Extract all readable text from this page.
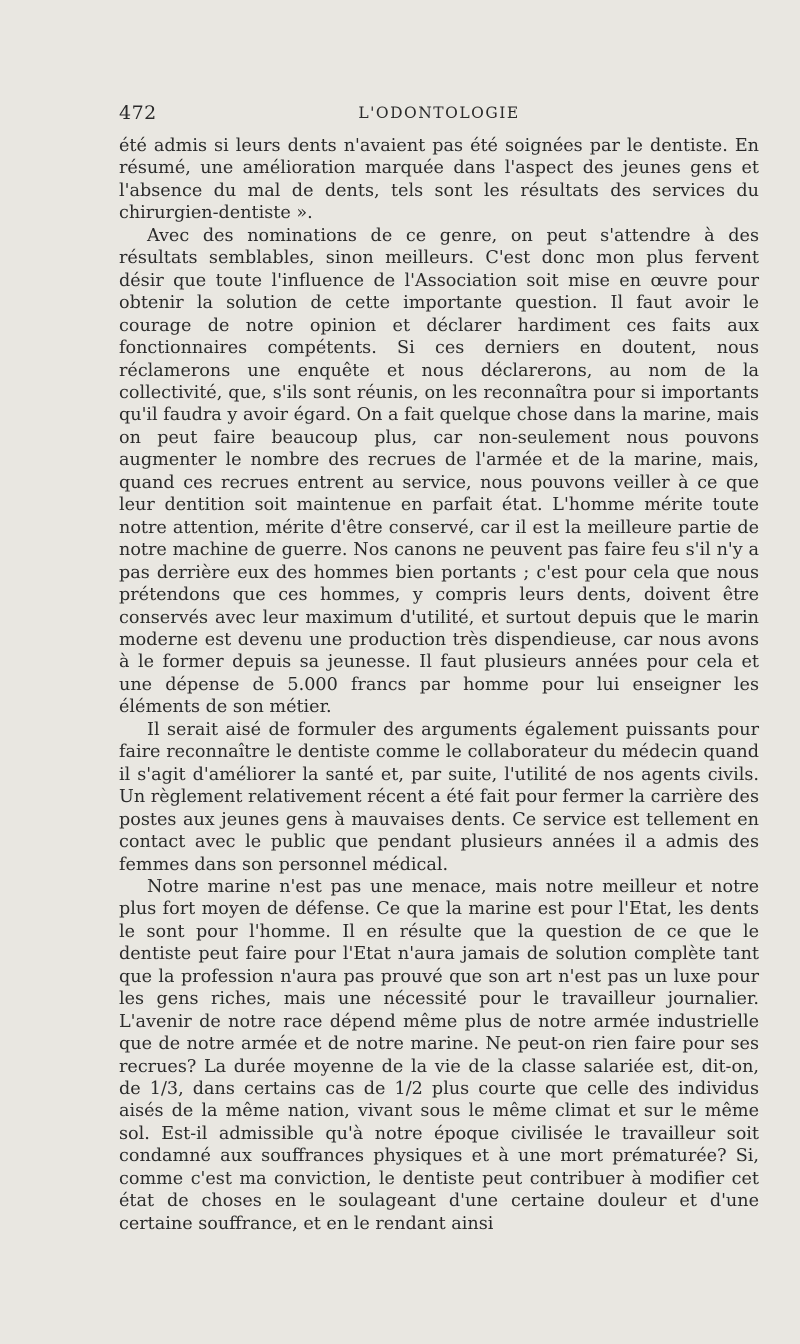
472	L'ODONTOLOGIE

été admis si leurs dents n'avaient pas été soignées par le dentiste. En résumé, une amélioration marquée dans l'aspect des jeunes gens et l'absence du mal de dents, tels sont les résultats des services du chirurgien-dentiste ».

Avec des nominations de ce genre, on peut s'attendre à des résultats semblables, sinon meilleurs. C'est donc mon plus fervent désir que toute l'influence de l'Association soit mise en œuvre pour obtenir la solution de cette importante question. Il faut avoir le courage de notre opinion et déclarer hardiment ces faits aux fonctionnaires compétents. Si ces derniers en doutent, nous réclamerons une enquête et nous déclarerons, au nom de la collectivité, que, s'ils sont réunis, on les reconnaîtra pour si importants qu'il faudra y avoir égard. On a fait quelque chose dans la marine, mais on peut faire beaucoup plus, car non-seulement nous pouvons augmenter le nombre des recrues de l'armée et de la marine, mais, quand ces recrues entrent au service, nous pouvons veiller à ce que leur dentition soit maintenue en parfait état. L'homme mérite toute notre attention, mérite d'être conservé, car il est la meilleure partie de notre machine de guerre. Nos canons ne peuvent pas faire feu s'il n'y a pas derrière eux des hommes bien portants ; c'est pour cela que nous prétendons que ces hommes, y compris leurs dents, doivent être conservés avec leur maximum d'utilité, et surtout depuis que le marin moderne est devenu une production très dispendieuse, car nous avons à le former depuis sa jeunesse. Il faut plusieurs années pour cela et une dépense de 5.000 francs par homme pour lui enseigner les éléments de son métier.

Il serait aisé de formuler des arguments également puissants pour faire reconnaître le dentiste comme le collaborateur du médecin quand il s'agit d'améliorer la santé et, par suite, l'utilité de nos agents civils. Un règlement relativement récent a été fait pour fermer la carrière des postes aux jeunes gens à mauvaises dents. Ce service est tellement en contact avec le public que pendant plusieurs années il a admis des femmes dans son personnel médical.

Notre marine n'est pas une menace, mais notre meilleur et notre plus fort moyen de défense. Ce que la marine est pour l'Etat, les dents le sont pour l'homme. Il en résulte que la question de ce que le dentiste peut faire pour l'Etat n'aura jamais de solution complète tant que la profession n'aura pas prouvé que son art n'est pas un luxe pour les gens riches, mais une nécessité pour le travailleur journalier. L'avenir de notre race dépend même plus de notre armée industrielle que de notre armée et de notre marine. Ne peut-on rien faire pour ses recrues? La durée moyenne de la vie de la classe salariée est, dit-on, de 1/3, dans certains cas de 1/2 plus courte que celle des individus aisés de la même nation, vivant sous le même climat et sur le même sol. Est-il admissible qu'à notre époque civilisée le travailleur soit condamné aux souffrances physiques et à une mort prématurée? Si, comme c'est ma conviction, le dentiste peut contribuer à modifier cet état de choses en le soulageant d'une certaine douleur et d'une certaine souffrance, et en le rendant ainsi
